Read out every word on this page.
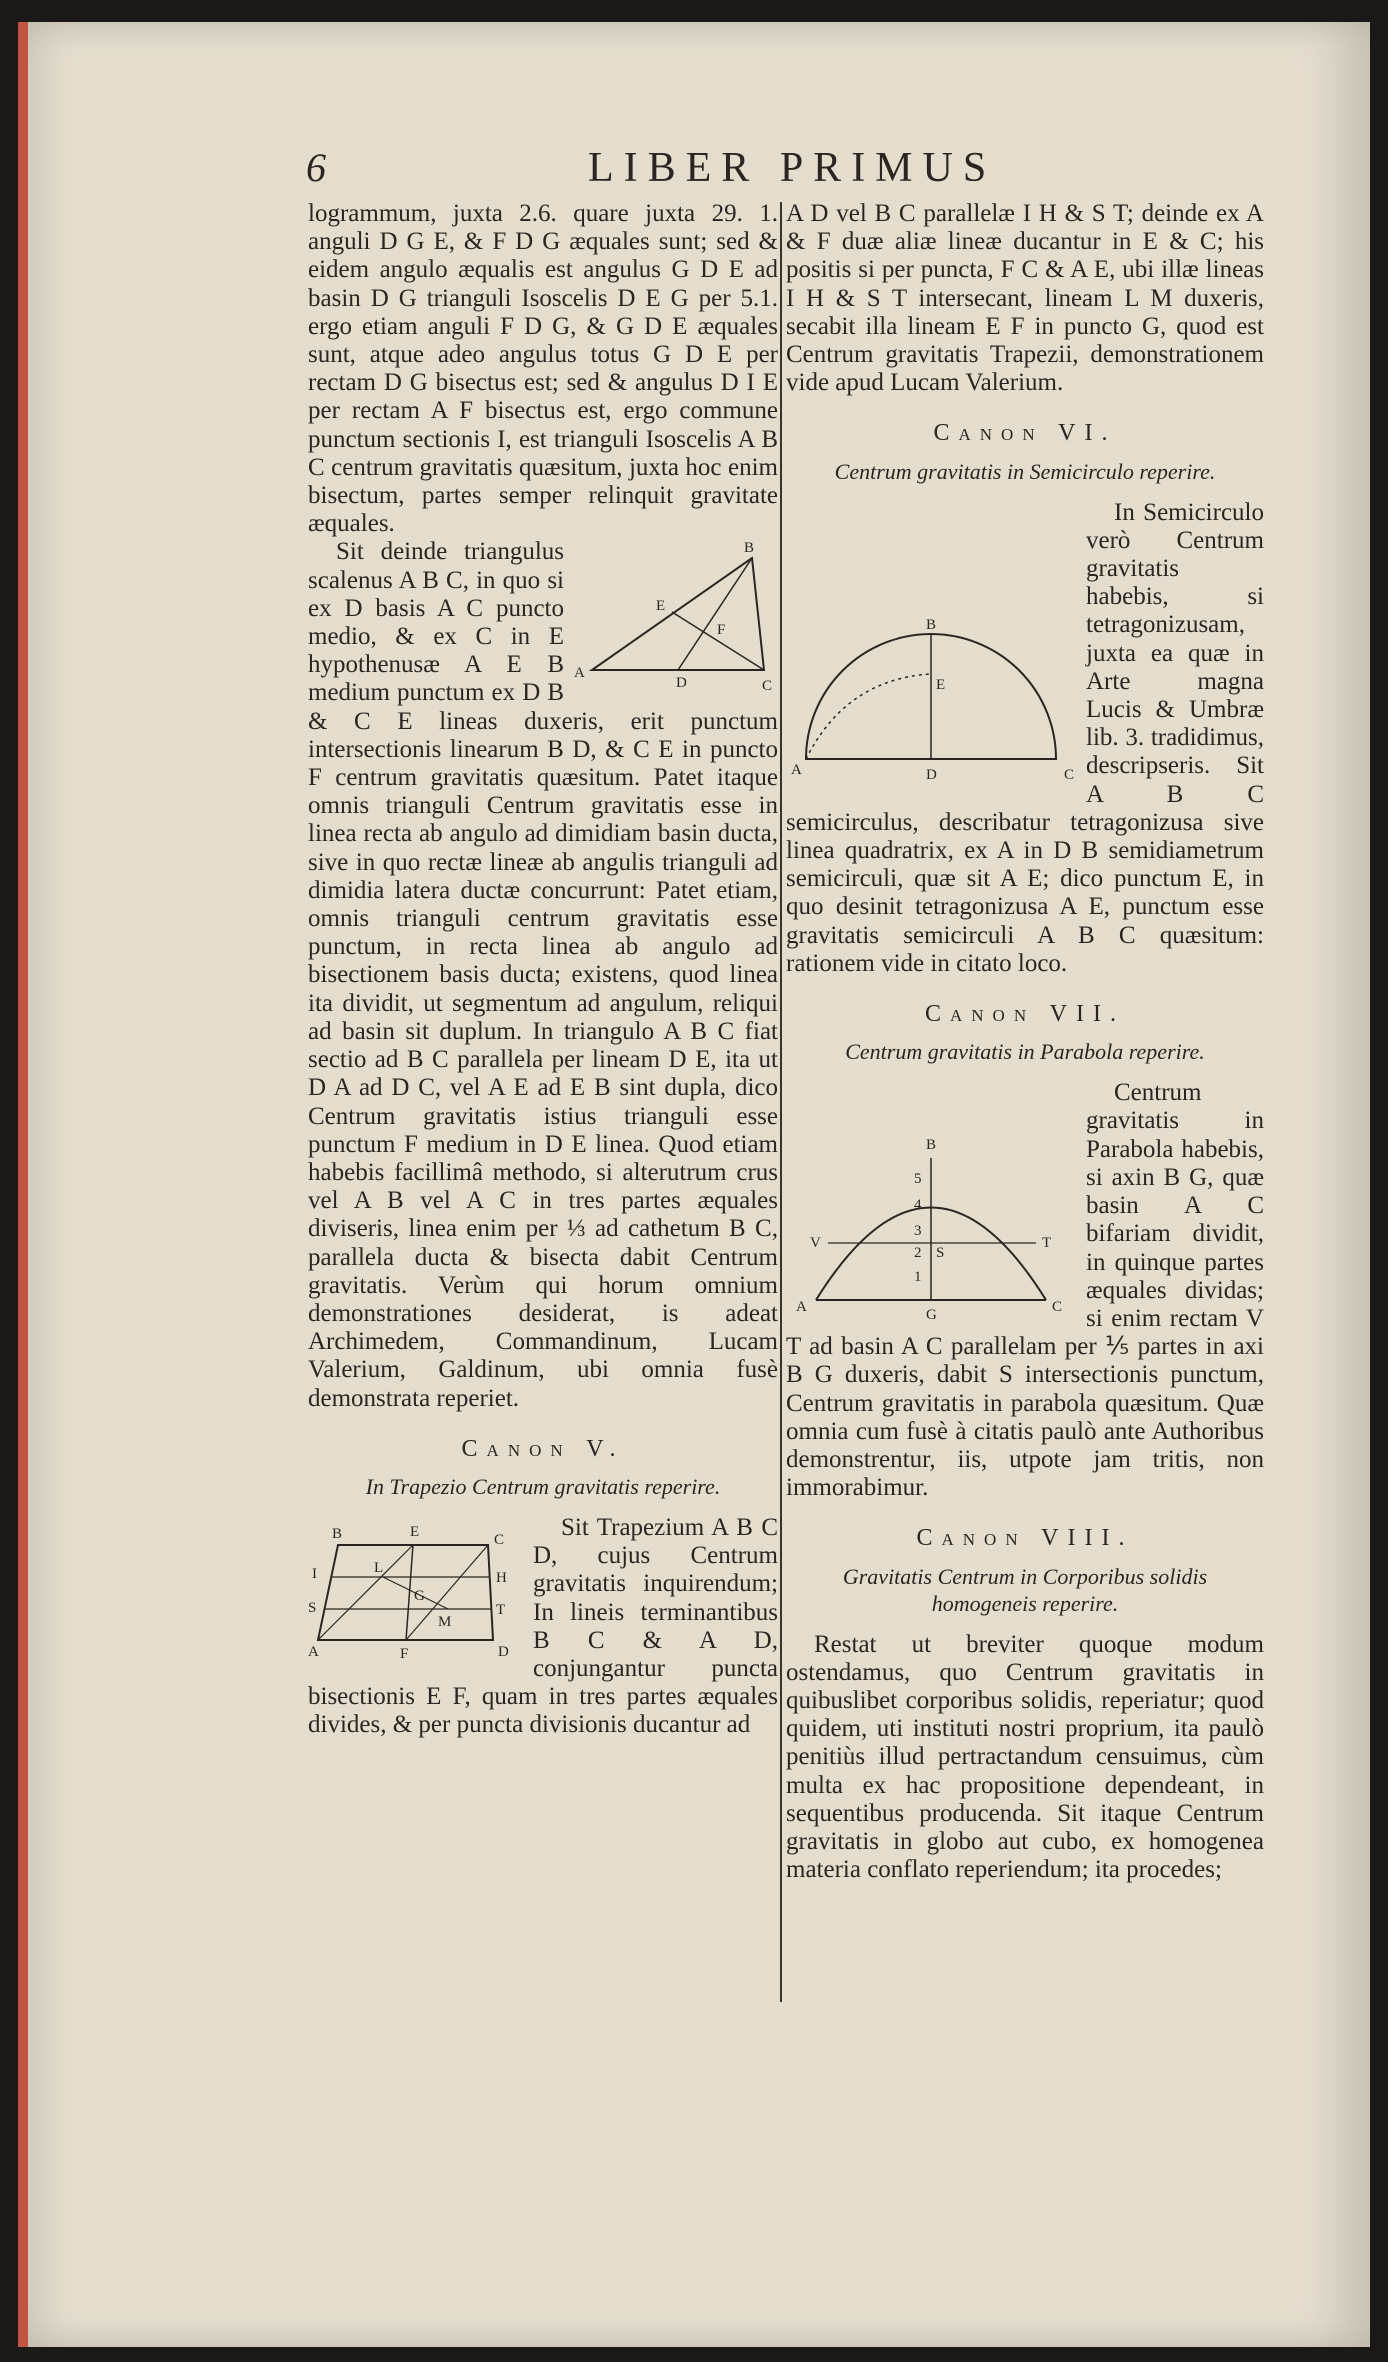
6	LIBER PRIMUS

logrammum, juxta 2.6. quare juxta 29. 1. anguli D G E, & F D G æquales sunt; sed & eidem angulo æqualis est angulus G D E ad basin D G trianguli Isoscelis D E G per 5.1. ergo etiam anguli F D G, & G D E æquales sunt, atque adeo angulus totus G D E per rectam D G bisectus est; sed & angulus D I E per rectam A F bisectus est, ergo commune punctum sectionis I, est trianguli Isoscelis A B C centrum gravitatis quæsitum, juxta hoc enim bisectum, partes semper relinquit gravitate æquales.

A
B
C
D
E
F

Sit deinde triangulus scalenus A B C, in quo si ex D basis A C puncto medio, & ex C in E hypothenusæ A E B medium punctum ex D B & C E lineas duxeris, erit punctum intersectionis linearum B D, & C E in puncto F centrum gravitatis quæsitum. Patet itaque omnis trianguli Centrum gravitatis esse in linea recta ab angulo ad dimidiam basin ducta, sive in quo rectæ lineæ ab angulis trianguli ad dimidia latera ductæ concurrunt: Patet etiam, omnis trianguli centrum gravitatis esse punctum, in recta linea ab angulo ad bisectionem basis ducta; existens, quod linea ita dividit, ut segmentum ad angulum, reliqui ad basin sit duplum. In triangulo A B C fiat sectio ad B C parallela per lineam D E, ita ut D A ad D C, vel A E ad E B sint dupla, dico Centrum gravitatis istius trianguli esse punctum F medium in D E linea. Quod etiam habebis facillimâ methodo, si alterutrum crus vel A B vel A C in tres partes æquales diviseris, linea enim per ⅓ ad cathetum B C, parallela ducta & bisecta dabit Centrum gravitatis. Verùm qui horum omnium demonstrationes desiderat, is adeat Archimedem, Commandinum, Lucam Valerium, Galdinum, ubi omnia fusè demonstrata reperiet.

Canon V.

In Trapezio Centrum gravitatis reperire.

B	E	C
I	L
H
S
G
T
M
A	F	D

Sit Trapezium A B C D, cujus Centrum gravitatis inquirendum; In lineis terminantibus B C & A D, conjungantur puncta bisectionis E F, quam in tres partes æquales divides, & per puncta divisionis ducantur ad

A D vel B C parallelæ I H & S T; deinde ex A & F duæ aliæ lineæ ducantur in E & C; his positis si per puncta, F C & A E, ubi illæ lineas I H & S T intersecant, lineam L M duxeris, secabit illa lineam E F in puncto G, quod est Centrum gravitatis Trapezii, demonstrationem vide apud Lucam Valerium.

Canon VI.

Centrum gravitatis in Semicirculo reperire.

A
B
E
D	C

In Semicirculo verò Centrum gravitatis habebis, si tetragonizusam, juxta ea quæ in Arte magna Lucis & Umbræ lib. 3. tradidimus, descripseris. Sit A B C semicirculus, describatur tetragonizusa sive linea quadratrix, ex A in D B semidiametrum semicirculi, quæ sit A E; dico punctum E, in quo desinit tetragonizusa A E, punctum esse gravitatis semicirculi A B C quæsitum: rationem vide in citato loco.

Canon VII.

Centrum gravitatis in Parabola reperire.

B
5
4
3
2 S
1
V	T
A	G	C

Centrum gravitatis in Parabola habebis, si axin B G, quæ basin A C bifariam dividit, in quinque partes æquales dividas; si enim rectam V T ad basin A C parallelam per ⅕ partes in axi B G duxeris, dabit S intersectionis punctum, Centrum gravitatis in parabola quæsitum. Quæ omnia cum fusè à citatis paulò ante Authoribus demonstrentur, iis, utpote jam tritis, non immorabimur.

Canon VIII.

Gravitatis Centrum in Corporibus solidis homogeneis reperire.

Restat ut breviter quoque modum ostendamus, quo Centrum gravitatis in quibuslibet corporibus solidis, reperiatur; quod quidem, uti instituti nostri proprium, ita paulò penitiùs illud pertractandum censuimus, cùm multa ex hac propositione dependeant, in sequentibus producenda. Sit itaque Centrum gravitatis in globo aut cubo, ex homogenea materia conflato reperiendum; ita procedes;
